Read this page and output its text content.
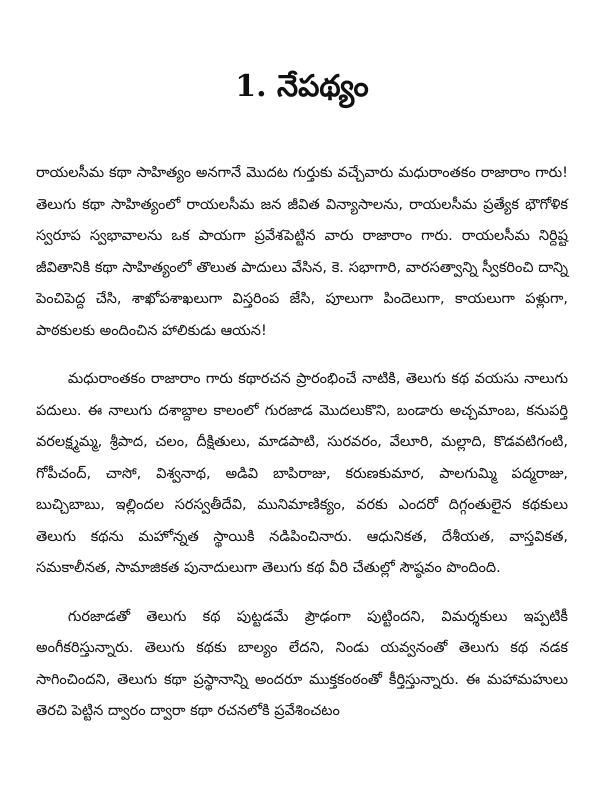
1. నేపథ్యం

రాయలసీమ కథా సాహిత్యం అనగానే మొదట గుర్తుకు వచ్చేవారు మధురాంతకం రాజారాం గారు! తెలుగు కథా సాహిత్యంలో రాయలసీమ జన జీవిత విన్యాసాలను, రాయలసీమ ప్రత్యేక భౌగోళిక స్వరూప స్వభావాలను ఒక పాయగా ప్రవేశపెట్టిన వారు రాజారాం గారు. రాయలసీమ నిర్దిష్ట జీవితానికి కథా సాహిత్యంలో తొలుత పాదులు వేసిన, కె. సభాగారి, వారసత్వాన్ని స్వీకరించి దాన్ని పెంచిపెద్ద చేసి, శాఖోపశాఖలుగా విస్తరింప జేసి, పూలుగా పిందెలుగా, కాయలుగా పళ్లుగా, పాఠకులకు అందించిన హాలికుడు ఆయన!

మధురాంతకం రాజారాం గారు కథారచన ప్రారంభించే నాటికి, తెలుగు కథ వయసు నాలుగు పదులు. ఈ నాలుగు దశాబ్దాల కాలంలో గురజాడ మొదలుకొని, బండారు అచ్చమాంబ, కనుపర్తి వరలక్ష్మమ్మ, శ్రీపాద, చలం, దీక్షితులు, మాడపాటి, సురవరం, వేలూరి, మల్లాది, కొడవటిగంటి, గోపీచంద్, చాసో, విశ్వనాథ, అడివి బాపిరాజు, కరుణకుమార, పాలగుమ్మి పద్మరాజు, బుచ్చిబాబు, ఇల్లిందల సరస్వతీదేవి, మునిమాణిక్యం, వరకు ఎందరో దిగ్గంతులైన కథకులు తెలుగు కథను మహోన్నత స్థాయికి నడిపించినారు. ఆధునికత, దేశీయత, వాస్తవికత, సమకాలీనత, సామాజికత పునాదులుగా తెలుగు కథ వీరి చేతుల్లో సౌష్ఠవం పొందింది.

గురజాడతో తెలుగు కథ పుట్టడమే ప్రౌఢంగా పుట్టిందని, విమర్శకులు ఇప్పటికీ అంగీకరిస్తున్నారు. తెలుగు కథకు బాల్యం లేదని, నిండు యవ్వనంతో తెలుగు కథ నడక సాగించిందని, తెలుగు కథా ప్రస్థానాన్ని అందరూ ముక్తకంఠంతో కీర్తిస్తున్నారు. ఈ మహామహులు తెరచి పెట్టిన ద్వారం ద్వారా కథా రచనలోకి ప్రవేశించటం
